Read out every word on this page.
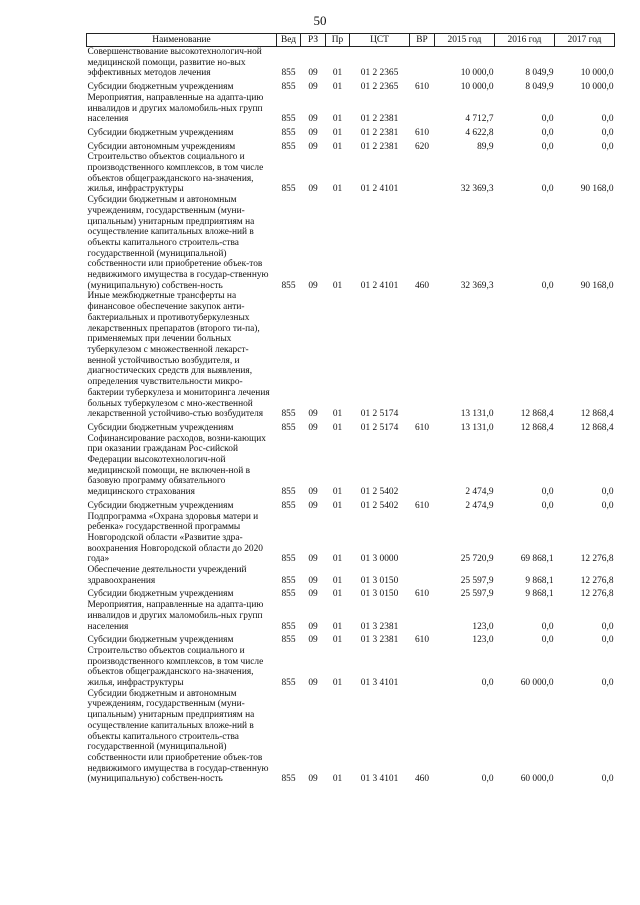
50
Наименование	Вед	РЗ	Пр	ЦСТ	ВР	2015 год	2016 год	2017 год
Совершенствование высокотехнологич-ной медицинской помощи, развитие но-вых эффективных методов лечения	855	09	01	01 2 2365		10 000,0	8 049,9	10 000,0
Субсидии бюджетным учреждениям	855	09	01	01 2 2365	610	10 000,0	8 049,9	10 000,0
Мероприятия, направленные на адапта-цию инвалидов и других маломобиль-ных групп населения	855	09	01	01 2 2381		4 712,7	0,0	0,0
Субсидии бюджетным учреждениям	855	09	01	01 2 2381	610	4 622,8	0,0	0,0
Субсидии автономным учреждениям	855	09	01	01 2 2381	620	89,9	0,0	0,0
Строительство объектов социального и производственного комплексов, в том числе объектов общегражданского на-значения, жилья, инфраструктуры	855	09	01	01 2 4101		32 369,3	0,0	90 168,0
Субсидии бюджетным и автономным учреждениям, государственным (муни-ципальным) унитарным предприятиям на осуществление капитальных вложе-ний в объекты капитального строитель-ства государственной (муниципальной) собственности или приобретение объек-тов недвижимого имущества в государ-ственную (муниципальную) собствен-ность	855	09	01	01 2 4101	460	32 369,3	0,0	90 168,0
Иные межбюджетные трансферты на финансовое обеспечение закупок анти-бактериальных и противотуберкулезных лекарственных препаратов (второго ти-па), применяемых при лечении больных туберкулезом с множественной лекарст-венной устойчивостью возбудителя, и диагностических средств для выявления, определения чувствительности микро-бактерии туберкулеза и мониторинга лечения больных туберкулезом с мно-жественной лекарственной устойчиво-стью возбудителя	855	09	01	01 2 5174		13 131,0	12 868,4	12 868,4
Субсидии бюджетным учреждениям	855	09	01	01 2 5174	610	13 131,0	12 868,4	12 868,4
Софинансирование расходов, возни-кающих при оказании гражданам Рос-сийской Федерации высокотехнологич-ной медицинской помощи, не включен-ной в базовую программу обязательного медицинского страхования	855	09	01	01 2 5402		2 474,9	0,0	0,0
Субсидии бюджетным учреждениям	855	09	01	01 2 5402	610	2 474,9	0,0	0,0
Подпрограмма «Охрана здоровья матери и ребенка» государственной программы Новгородской области «Развитие здра-воохранения Новгородской области до 2020 года»	855	09	01	01 3 0000		25 720,9	69 868,1	12 276,8
Обеспечение деятельности учреждений здравоохранения	855	09	01	01 3 0150		25 597,9	9 868,1	12 276,8
Субсидии бюджетным учреждениям	855	09	01	01 3 0150	610	25 597,9	9 868,1	12 276,8
Мероприятия, направленные на адапта-цию инвалидов и других маломобиль-ных групп населения	855	09	01	01 3 2381		123,0	0,0	0,0
Субсидии бюджетным учреждениям	855	09	01	01 3 2381	610	123,0	0,0	0,0
Строительство объектов социального и производственного комплексов, в том числе объектов общегражданского на-значения, жилья, инфраструктуры	855	09	01	01 3 4101		0,0	60 000,0	0,0
Субсидии бюджетным и автономным учреждениям, государственным (муни-ципальным) унитарным предприятиям на осуществление капитальных вложе-ний в объекты капитального строитель-ства государственной (муниципальной) собственности или приобретение объек-тов недвижимого имущества в государ-ственную (муниципальную) собствен-ность	855	09	01	01 3 4101	460	0,0	60 000,0	0,0
